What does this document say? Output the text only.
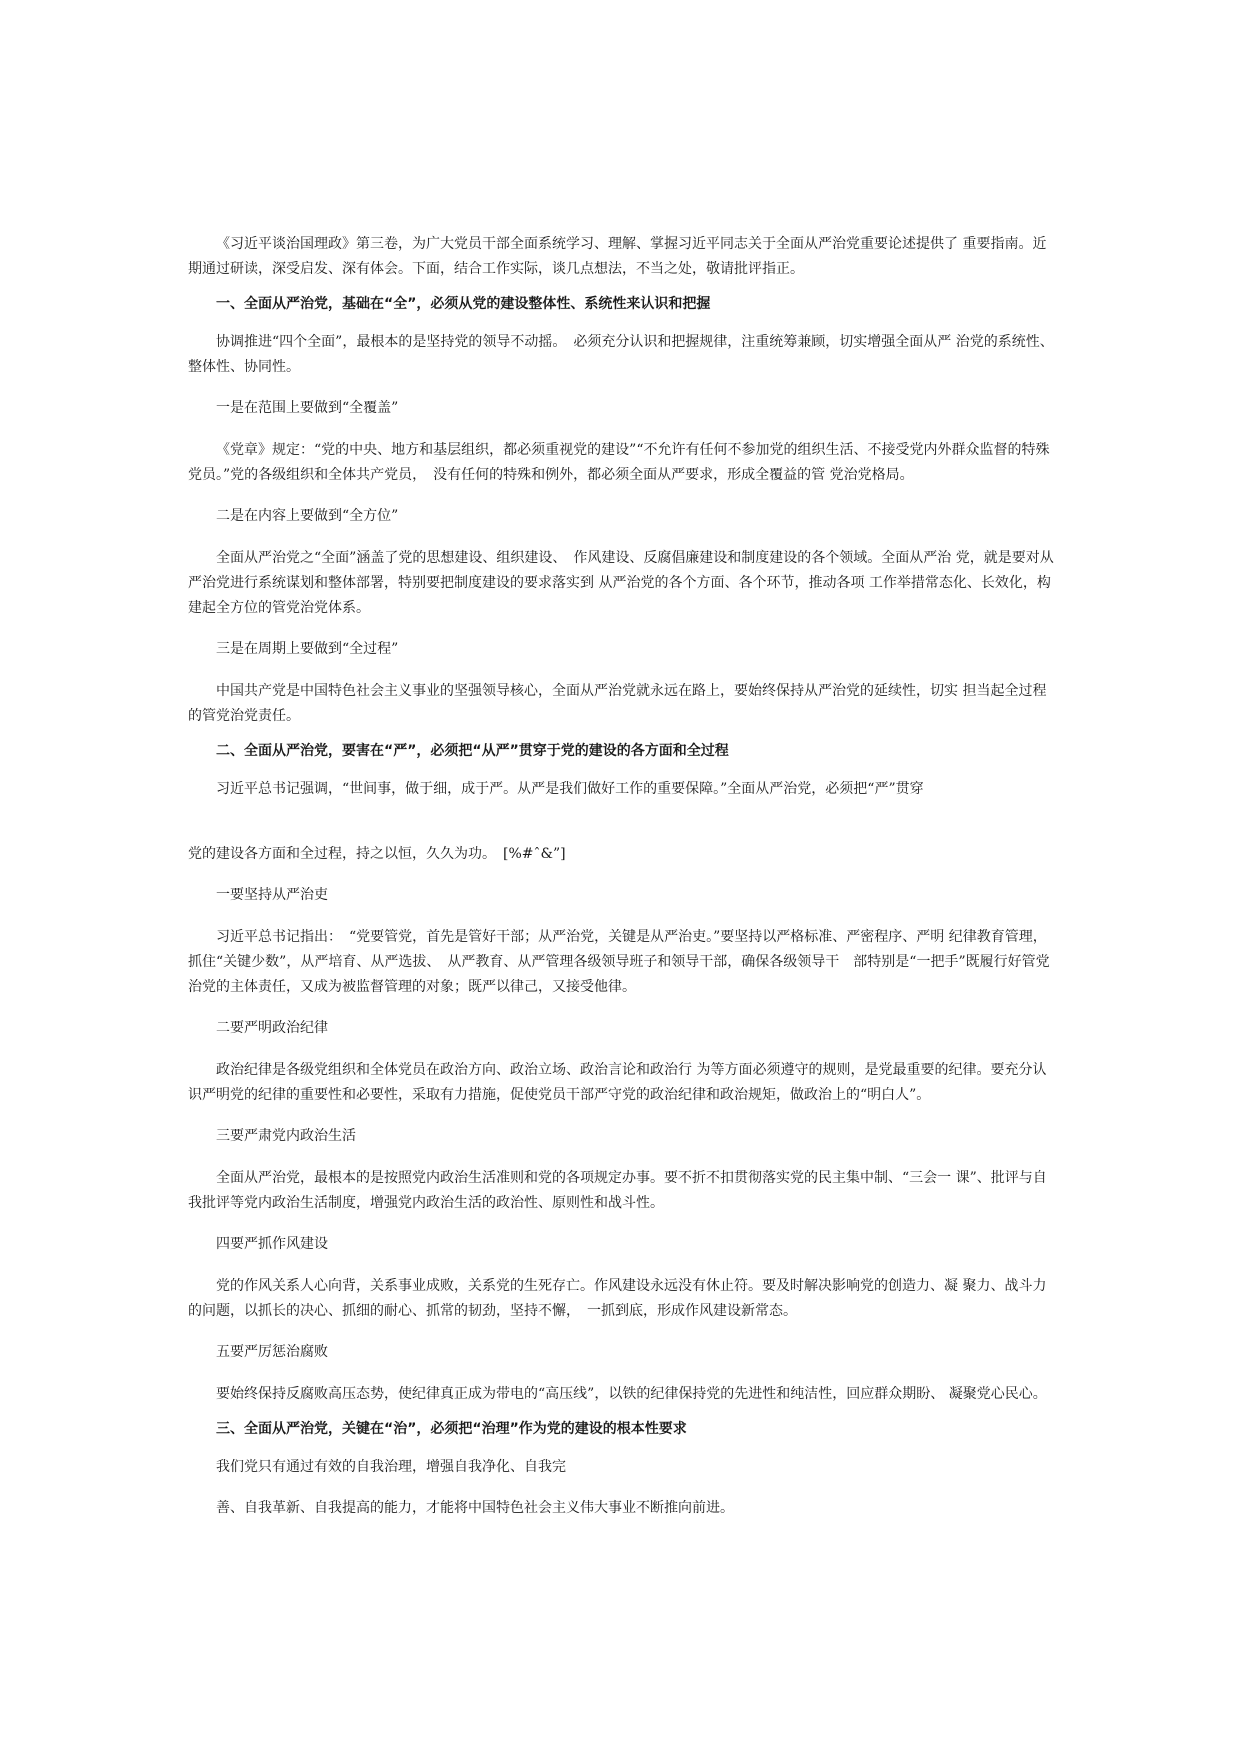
《习近平谈治国理政》第三卷，为广大党员干部全面系统学习、理解、掌握习近平同志关于全面从严治党重要论述提供了 重要指南。近期通过研读，深受启发、深有体会。下面，结合工作实际，谈几点想法，不当之处，敬请批评指正。

一、全面从严治党，基础在“全”，必须从党的建设整体性、系统性来认识和把握

协调推进“四个全面”，最根本的是坚持党的领导不动摇。　必须充分认识和把握规律，注重统筹兼顾，切实增强全面从严 治党的系统性、整体性、协同性。

一是在范围上要做到“全覆盖”

《党章》规定：“党的中央、地方和基层组织，都必须重视党的建设”“不允许有任何不参加党的组织生活、不接受党内外群众监督的特殊党员。”党的各级组织和全体共产党员，　没有任何的特殊和例外，都必须全面从严要求，形成全覆益的管 党治党格局。

二是在内容上要做到“全方位”

全面从严治党之“全面”涵盖了党的思想建设、组织建设、　作风建设、反腐倡廉建设和制度建设的各个领域。全面从严治 党，就是要对从严治党进行系统谋划和整体部署，特别要把制度建设的要求落实到 从严治党的各个方面、各个环节，推动各项 工作举措常态化、长效化，构建起全方位的管党治党体系。

三是在周期上要做到“全过程”

中国共产党是中国特色社会主义事业的坚强领导核心，全面从严治党就永远在路上，要始终保持从严治党的延续性，切实 担当起全过程的管党治党责任。

二、全面从严治党，要害在“严”，必须把“从严”贯穿于党的建设的各方面和全过程

习近平总书记强调，“世间事，做于细，成于严。从严是我们做好工作的重要保障。”全面从严治党，必须把“严”贯穿

党的建设各方面和全过程，持之以恒，久久为功。　[%#ˆ&”]

一要坚持从严治吏

习近平总书记指出：　“党要管党，首先是管好干部；从严治党，关键是从严治吏。”要坚持以严格标准、严密程序、严明 纪律教育管理，抓住“关键少数”，从严培育、从严选拔、　从严教育、从严管理各级领导班子和领导干部，确保各级领导干　部特别是“一把手”既履行好管党治党的主体责任，又成为被监督管理的对象；既严以律己，又接受他律。

二要严明政治纪律

政治纪律是各级党组织和全体党员在政治方向、政治立场、政治言论和政治行 为等方面必须遵守的规则，是党最重要的纪律。要充分认识严明党的纪律的重要性和必要性，采取有力措施，促使党员干部严守党的政治纪律和政治规矩，做政治上的“明白人”。

三要严肃党内政治生活

全面从严治党，最根本的是按照党内政治生活准则和党的各项规定办事。要不折不扣贯彻落实党的民主集中制、“三会一 课”、批评与自我批评等党内政治生活制度，增强党内政治生活的政治性、原则性和战斗性。

四要严抓作风建设

党的作风关系人心向背，关系事业成败，关系党的生死存亡。作风建设永远没有休止符。要及时解决影响党的创造力、凝 聚力、战斗力的问题，以抓长的决心、抓细的耐心、抓常的韧劲，坚持不懈，　一抓到底，形成作风建设新常态。

五要严厉惩治腐败

要始终保持反腐败高压态势，使纪律真正成为带电的“高压线”，以铁的纪律保持党的先进性和纯洁性，回应群众期盼、 凝聚党心民心。

三、全面从严治党，关键在“治”，必须把“治理”作为党的建设的根本性要求

我们党只有通过有效的自我治理，增强自我净化、自我完

善、自我革新、自我提高的能力，才能将中国特色社会主义伟大事业不断推向前进。
